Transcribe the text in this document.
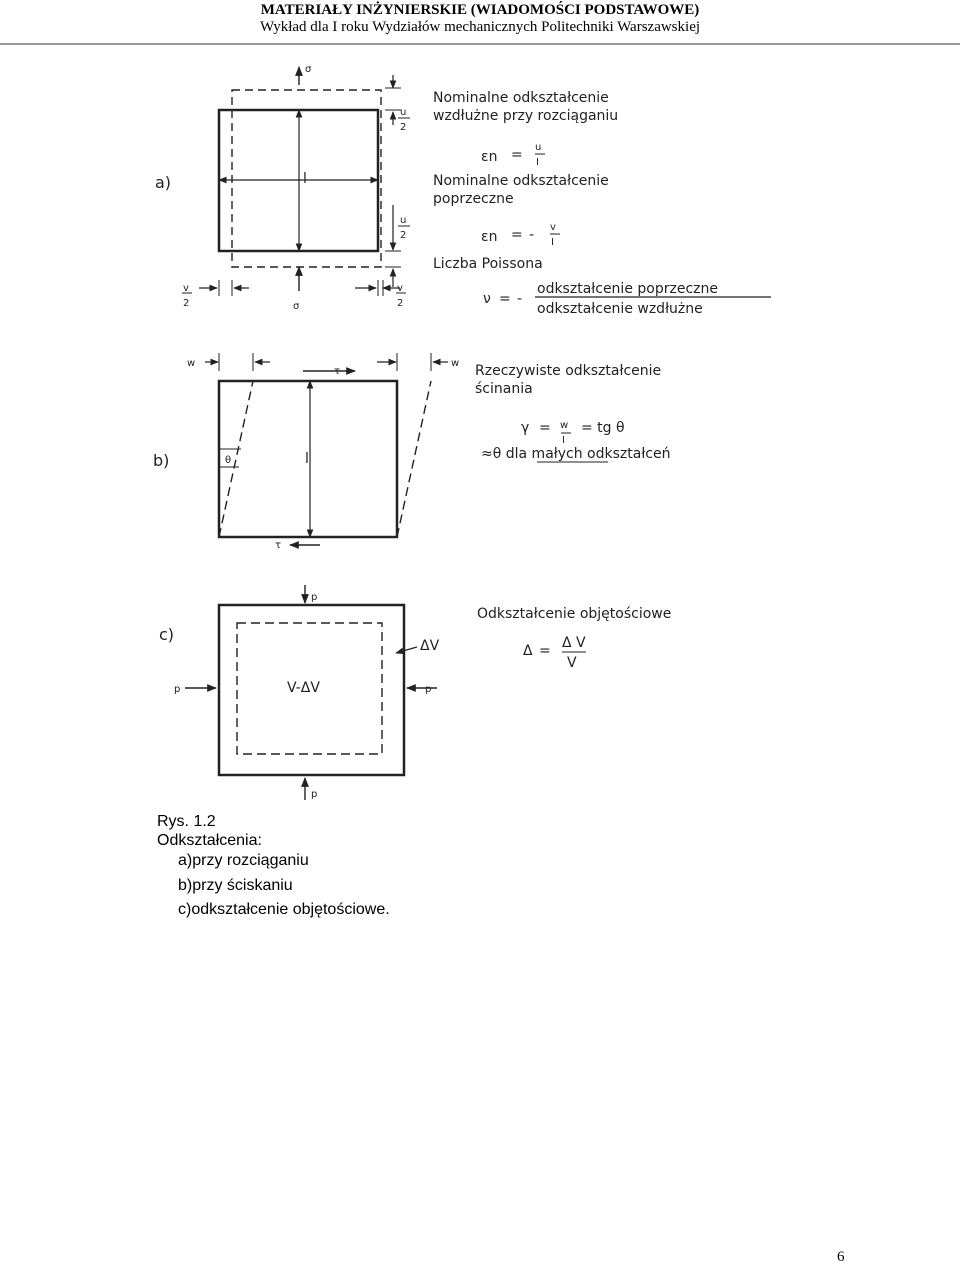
MATERIAŁY INŻYNIERSKIE (WIADOMOŚCI PODSTAWOWE)
Wykład dla I roku Wydziałów mechanicznych Politechniki Warszawskiej
a)
σ
σ
u
2
u
2
v
2
v
2
l
Nominalne odkształcenie
wzdłużne przy rozciąganiu
εn = u
I
Nominalne odkształcenie
poprzeczne
εn = - v
I
Liczba Poissona
ν = -
odkształcenie poprzeczne
odkształcenie wzdłużne
b)
w	w
τ
τ
θ	l
Rzeczywiste odkształcenie
ścinania
γ = w
I
= tg θ
≈θ dla małych odkształceń
c)
p
p
p	p
ΔV
V-ΔV
Odkształcenie objętościowe
Δ = Δ V
V
Rys. 1.2
Odkształcenia:
a)przy rozciąganiu
b)przy ściskaniu
c)odkształcenie objętościowe.
6
